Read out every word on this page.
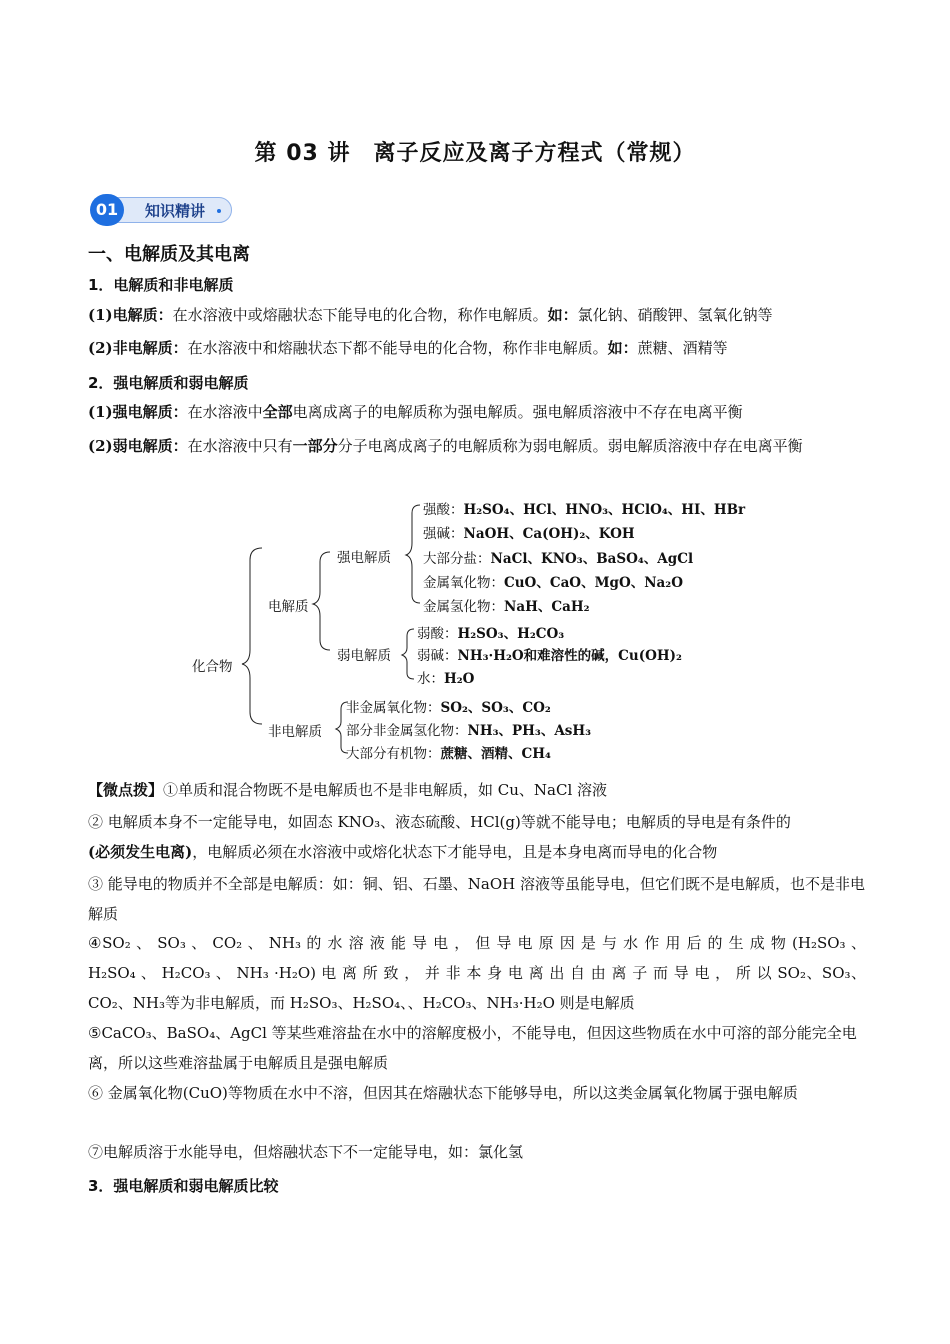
第 03 讲　离子反应及离子方程式（常规）
01	知识精讲
一、电解质及其电离
1．电解质和非电解质
(1)电解质：在水溶液中或熔融状态下能导电的化合物，称作电解质。如：氯化钠、硝酸钾、氢氧化钠等
(2)非电解质：在水溶液中和熔融状态下都不能导电的化合物，称作非电解质。如：蔗糖、酒精等
2．强电解质和弱电解质
(1)强电解质：在水溶液中全部电离成离子的电解质称为强电解质。强电解质溶液中不存在电离平衡
(2)弱电解质：在水溶液中只有一部分分子电离成离子的电解质称为弱电解质。弱电解质溶液中存在电离平衡
化合物
电解质
非电解质
强电解质
弱电解质
强酸：H₂SO₄、HCl、HNO₃、HClO₄、HI、HBr
强碱：NaOH、Ca(OH)₂、KOH
大部分盐：NaCl、KNO₃、BaSO₄、AgCl
金属氧化物：CuO、CaO、MgO、Na₂O
金属氢化物：NaH、CaH₂
弱酸：H₂SO₃、H₂CO₃
弱碱：NH₃·H₂O和难溶性的碱，Cu(OH)₂
水：H₂O
非金属氧化物：SO₂、SO₃、CO₂
部分非金属氢化物：NH₃、PH₃、AsH₃
大部分有机物：蔗糖、酒精、CH₄
【微点拨】①单质和混合物既不是电解质也不是非电解质，如 Cu、NaCl 溶液
② 电解质本身不一定能导电，如固态 KNO₃、液态硫酸、HCl(g)等就不能导电；电解质的导电是有条件的
(必须发生电离)，电解质必须在水溶液中或熔化状态下才能导电，且是本身电离而导电的化合物
③ 能导电的物质并不全部是电解质：如：铜、铝、石墨、NaOH 溶液等虽能导电，但它们既不是电解质，也不是非电解质
④SO₂ 、 SO₃ 、 CO₂ 、 NH₃ 的 水 溶 液 能 导 电 ， 但 导 电 原 因 是 与 水 作 用 后 的 生 成 物 (H₂SO₃ 、 H₂SO₄ 、 H₂CO₃ 、 NH₃ ·H₂O) 电 离 所 致 ， 并 非 本 身 电 离 出 自 由 离 子 而 导 电 ， 所 以 SO₂、SO₃、CO₂、NH₃等为非电解质，而 H₂SO₃、H₂SO₄、、H₂CO₃、NH₃·H₂O 则是电解质
⑤CaCO₃、BaSO₄、AgCl 等某些难溶盐在水中的溶解度极小，不能导电，但因这些物质在水中可溶的部分能完全电离，所以这些难溶盐属于电解质且是强电解质
⑥ 金属氧化物(CuO)等物质在水中不溶，但因其在熔融状态下能够导电，所以这类金属氧化物属于强电解质
⑦电解质溶于水能导电，但熔融状态下不一定能导电，如：氯化氢
3．强电解质和弱电解质比较
